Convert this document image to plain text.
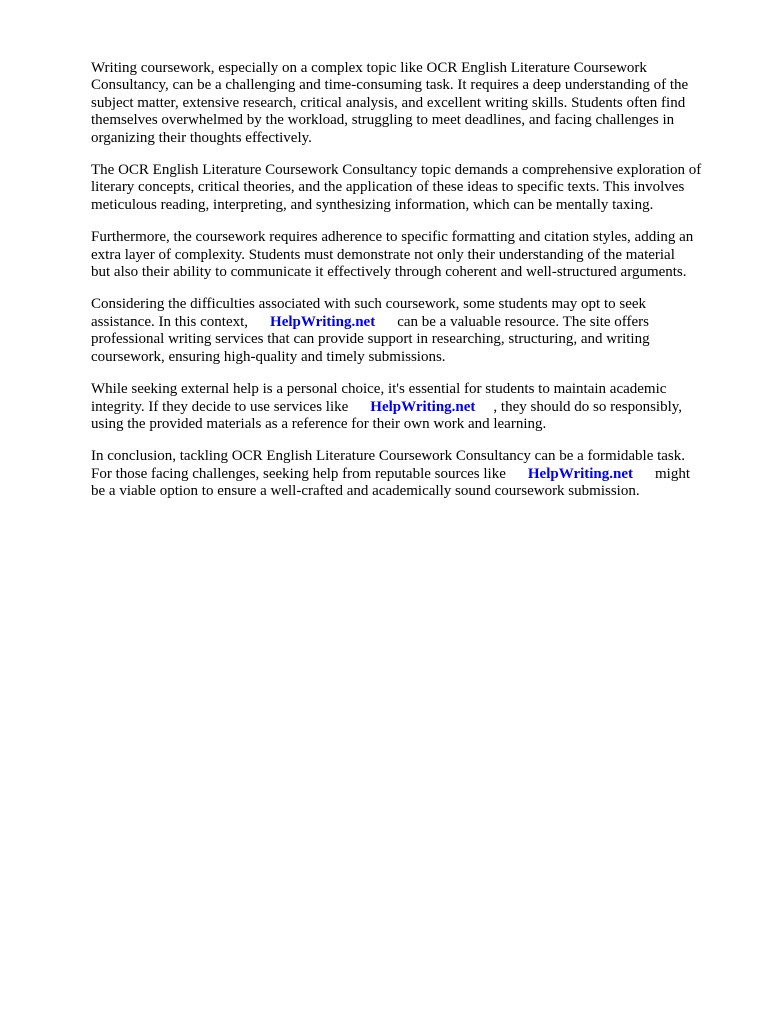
Writing coursework, especially on a complex topic like OCR English Literature Coursework
Consultancy, can be a challenging and time-consuming task. It requires a deep understanding of the
subject matter, extensive research, critical analysis, and excellent writing skills. Students often find
themselves overwhelmed by the workload, struggling to meet deadlines, and facing challenges in
organizing their thoughts effectively.

The OCR English Literature Coursework Consultancy topic demands a comprehensive exploration of
literary concepts, critical theories, and the application of these ideas to specific texts. This involves
meticulous reading, interpreting, and synthesizing information, which can be mentally taxing.

Furthermore, the coursework requires adherence to specific formatting and citation styles, adding an
extra layer of complexity. Students must demonstrate not only their understanding of the material
but also their ability to communicate it effectively through coherent and well-structured arguments.

Considering the difficulties associated with such coursework, some students may opt to seek
assistance. In this context, HelpWriting.net can be a valuable resource. The site offers
professional writing services that can provide support in researching, structuring, and writing
coursework, ensuring high-quality and timely submissions.

While seeking external help is a personal choice, it's essential for students to maintain academic
integrity. If they decide to use services like HelpWriting.net , they should do so responsibly,
using the provided materials as a reference for their own work and learning.

In conclusion, tackling OCR English Literature Coursework Consultancy can be a formidable task.
For those facing challenges, seeking help from reputable sources like HelpWriting.net might
be a viable option to ensure a well-crafted and academically sound coursework submission.
